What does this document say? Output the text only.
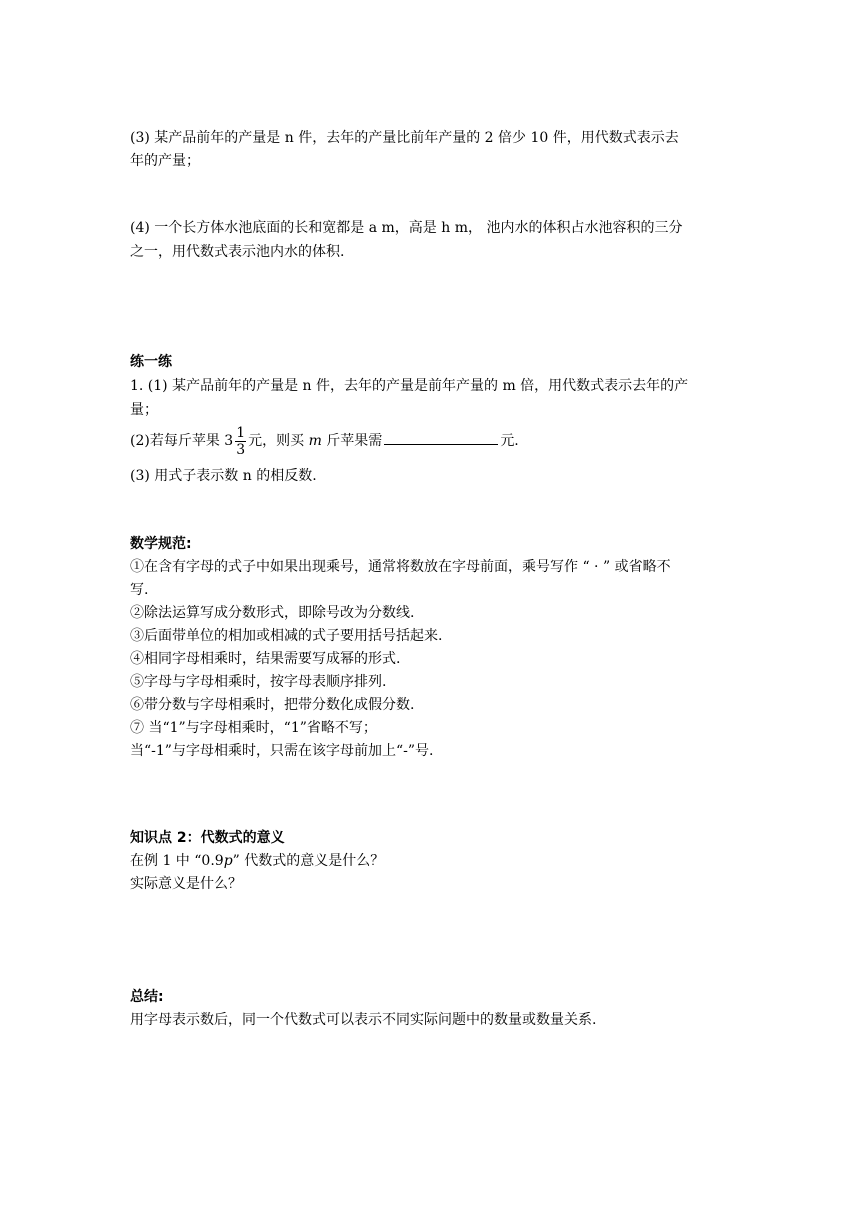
(3) 某产品前年的产量是 n 件，去年的产量比前年产量的 2 倍少 10 件，用代数式表示去
年的产量；
(4) 一个长方体水池底面的长和宽都是 a m，高是 h m， 池内水的体积占水池容积的三分
之一，用代数式表示池内水的体积.
练一练
1. (1) 某产品前年的产量是 n 件，去年的产量是前年产量的 m 倍，用代数式表示去年的产
量；
(2)若每斤苹果 $3 \frac{1}{3}$ 元，则买 m 斤苹果需	元.
(3) 用式子表示数 n 的相反数.
数学规范:
①在含有字母的式子中如果出现乘号，通常将数放在字母前面，乘号写作 “ · ” 或省略不
写.
②除法运算写成分数形式，即除号改为分数线.
③后面带单位的相加或相减的式子要用括号括起来.
④相同字母相乘时，结果需要写成幂的形式.
⑤字母与字母相乘时，按字母表顺序排列.
⑥带分数与字母相乘时，把带分数化成假分数.
⑦ 当“1”与字母相乘时，“1”省略不写；
当“-1”与字母相乘时，只需在该字母前加上“-”号.
知识点 2：代数式的意义
在例 1 中 “0.9p” 代数式的意义是什么？
实际意义是什么？
总结:
用字母表示数后，同一个代数式可以表示不同实际问题中的数量或数量关系.
